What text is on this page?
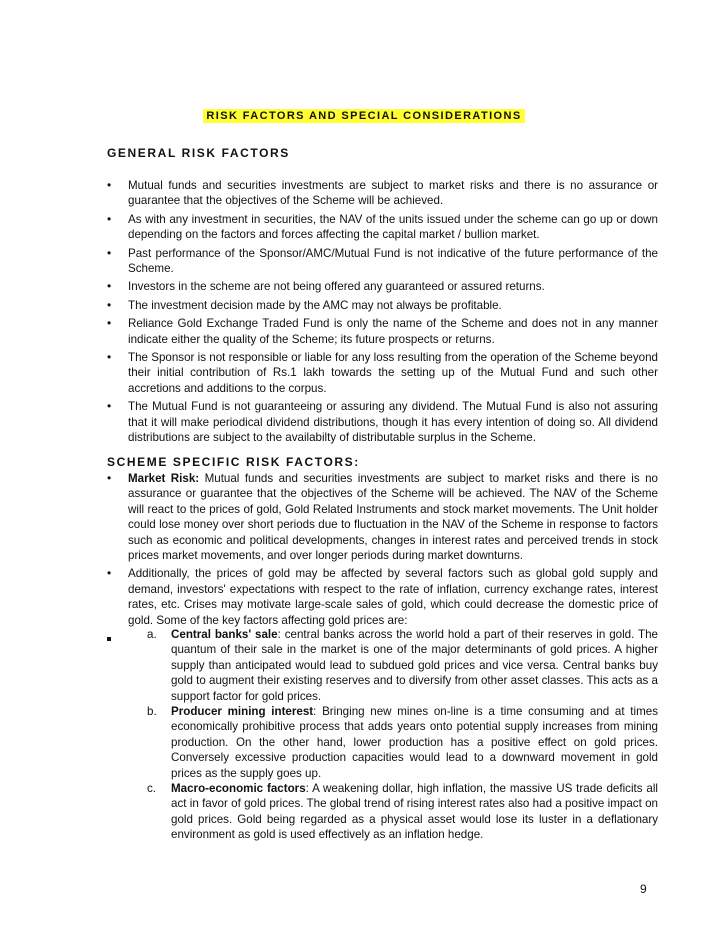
RISK FACTORS AND SPECIAL CONSIDERATIONS
GENERAL RISK FACTORS
•	Mutual funds and securities investments are subject to market risks and there is no assurance or guarantee that the objectives of the Scheme will be achieved.
•	As with any investment in securities, the NAV of the units issued under the scheme can go up or down depending on the factors and forces affecting the capital market / bullion market.
•	Past performance of the Sponsor/AMC/Mutual Fund is not indicative of the future performance of the Scheme.
•	Investors in the scheme are not being offered any guaranteed or assured returns.
•	The investment decision made by the AMC may not always be profitable.
•	Reliance Gold Exchange Traded Fund is only the name of the Scheme and does not in any manner indicate either the quality of the Scheme; its future prospects or returns.
•	The Sponsor is not responsible or liable for any loss resulting from the operation of the Scheme beyond their initial contribution of Rs.1 lakh towards the setting up of the Mutual Fund and such other accretions and additions to the corpus.
•	The Mutual Fund is not guaranteeing or assuring any dividend. The Mutual Fund is also not assuring that it will make periodical dividend distributions, though it has every intention of doing so. All dividend distributions are subject to the availabilty of distributable surplus in the Scheme.
SCHEME SPECIFIC RISK FACTORS:
•	Market Risk: Mutual funds and securities investments are subject to market risks and there is no assurance or guarantee that the objectives of the Scheme will be achieved. The NAV of the Scheme will react to the prices of gold, Gold Related Instruments and stock market movements. The Unit holder could lose money over short periods due to fluctuation in the NAV of the Scheme in response to factors such as economic and political developments, changes in interest rates and perceived trends in stock prices market movements, and over longer periods during market downturns.
•	Additionally, the prices of gold may be affected by several factors such as global gold supply and demand, investors' expectations with respect to the rate of inflation, currency exchange rates, interest rates, etc. Crises may motivate large-scale sales of gold, which could decrease the domestic price of gold. Some of the key factors affecting gold prices are:
a. Central banks' sale: central banks across the world hold a part of their reserves in gold. The quantum of their sale in the market is one of the major determinants of gold prices. A higher supply than anticipated would lead to subdued gold prices and vice versa. Central banks buy gold to augment their existing reserves and to diversify from other asset classes. This acts as a support factor for gold prices.
b. Producer mining interest: Bringing new mines on-line is a time consuming and at times economically prohibitive process that adds years onto potential supply increases from mining production. On the other hand, lower production has a positive effect on gold prices. Conversely excessive production capacities would lead to a downward movement in gold prices as the supply goes up.
c. Macro-economic factors: A weakening dollar, high inflation, the massive US trade deficits all act in favor of gold prices. The global trend of rising interest rates also had a positive impact on gold prices. Gold being regarded as a physical asset would lose its luster in a deflationary environment as gold is used effectively as an inflation hedge.
9
